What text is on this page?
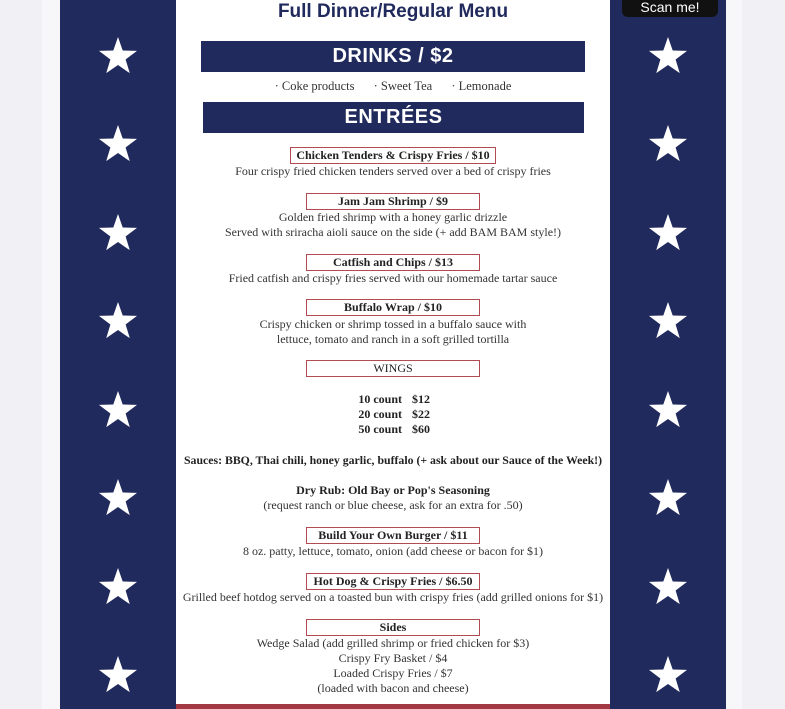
Scan me!
Full Dinner/Regular Menu
DRINKS / $2
· Coke products · Sweet Tea · Lemonade
ENTRÉES
Chicken Tenders & Crispy Fries / $10
Four crispy fried chicken tenders served over a bed of crispy fries
Jam Jam Shrimp / $9
Golden fried shrimp with a honey garlic drizzle
Served with sriracha aioli sauce on the side (+ add BAM BAM style!)
Catfish and Chips / $13
Fried catfish and crispy fries served with our homemade tartar sauce
Buffalo Wrap / $10
Crispy chicken or shrimp tossed in a buffalo sauce with
lettuce, tomato and ranch in a soft grilled tortilla
WINGS
10 count $12
20 count $22
50 count $60
Sauces: BBQ, Thai chili, honey garlic, buffalo (+ ask about our Sauce of the Week!)
Dry Rub: Old Bay or Pop's Seasoning
(request ranch or blue cheese, ask for an extra for .50)
Build Your Own Burger / $11
8 oz. patty, lettuce, tomato, onion (add cheese or bacon for $1)
Hot Dog & Crispy Fries / $6.50
Grilled beef hotdog served on a toasted bun with crispy fries (add grilled onions for $1)
Sides
Wedge Salad (add grilled shrimp or fried chicken for $3)
Crispy Fry Basket / $4
Loaded Crispy Fries / $7
(loaded with bacon and cheese)
